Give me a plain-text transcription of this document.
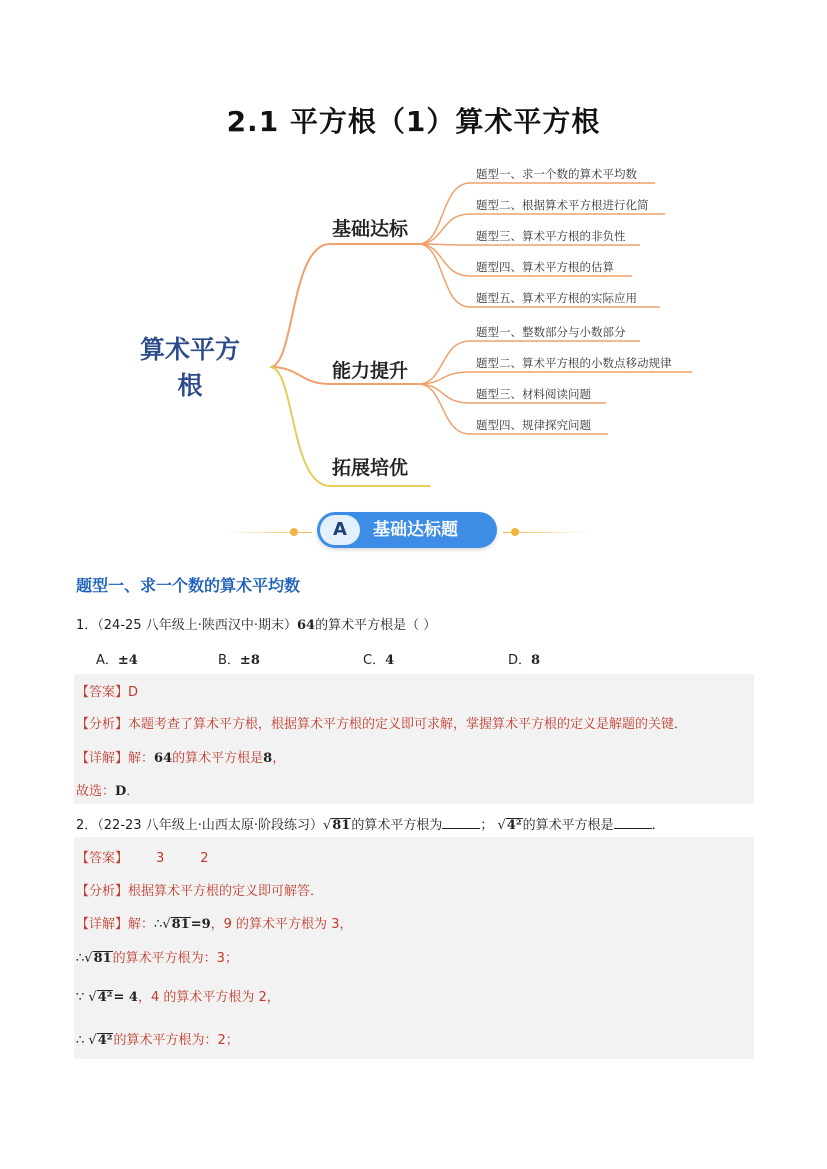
2.1 平方根（1）算术平方根
算术平方
根
基础达标
能力提升
拓展培优
题型一、求一个数的算术平均数
题型二、根据算术平方根进行化简
题型三、算术平方根的非负性
题型四、算术平方根的估算
题型五、算术平方根的实际应用
题型一、整数部分与小数部分
题型二、算术平方根的小数点移动规律
题型三、材料阅读问题
题型四、规律探究问题
A	基础达标题
题型一、求一个数的算术平均数
1．（24-25 八年级上·陕西汉中·期末）64的算术平方根是（ ）
A．±4	B．±8	C．4	D．8
【答案】D
【分析】本题考查了算术平方根，根据算术平方根的定义即可求解，掌握算术平方根的定义是解题的关键．
【详解】解：64的算术平方根是8，
故选：D．
2．（22-23 八年级上·山西太原·阶段练习）√81的算术平方根为	； √4²的算术平方根是	．
【答案】 3	2
【分析】根据算术平方根的定义即可解答．
【详解】解：∴√81=9，9 的算术平方根为 3，
∴√81的算术平方根为：3；
∵ √4²= 4，4 的算术平方根为 2，
∴ √4²的算术平方根为：2；
